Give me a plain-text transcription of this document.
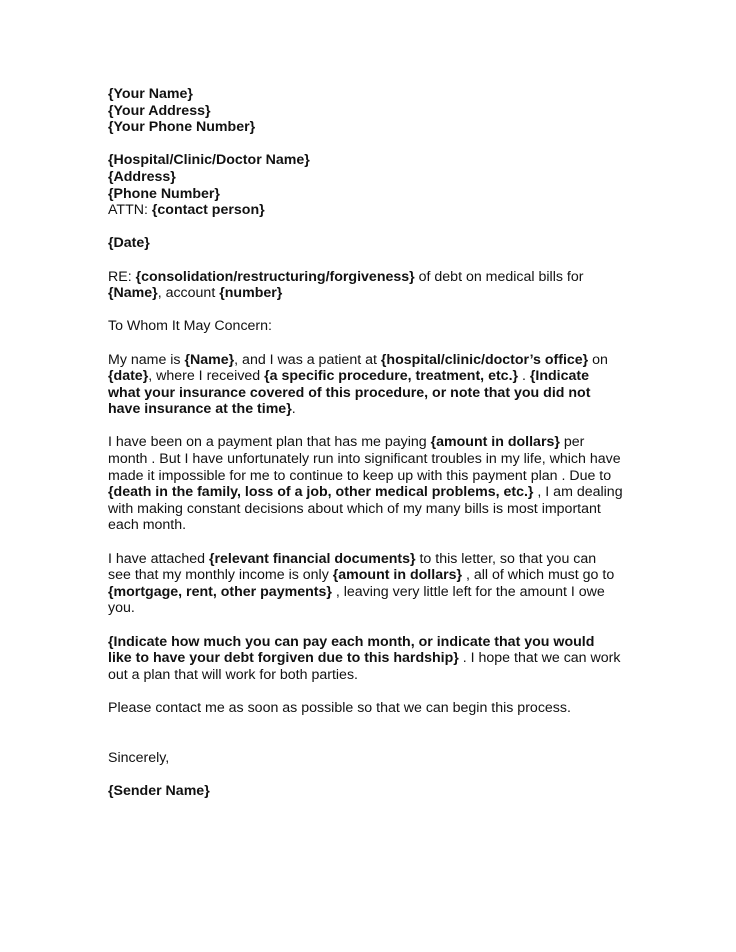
{Your Name}
{Your Address}
{Your Phone Number}
{Hospital/Clinic/Doctor Name}
{Address}
{Phone Number}
ATTN: {contact person}
{Date}
RE: {consolidation/restructuring/forgiveness} of debt on medical bills for
{Name}, account {number}
To Whom It May Concern:
My name is {Name}, and I was a patient at {hospital/clinic/doctor’s office} on
{date}, where I received {a specific procedure, treatment, etc.} . {Indicate
what your insurance covered of this procedure, or note that you did not
have insurance at the time}.
I have been on a payment plan that has me paying {amount in dollars} per
month . But I have unfortunately run into significant troubles in my life, which have
made it impossible for me to continue to keep up with this payment plan . Due to
{death in the family, loss of a job, other medical problems, etc.} , I am dealing
with making constant decisions about which of my many bills is most important
each month.
I have attached {relevant financial documents} to this letter, so that you can
see that my monthly income is only {amount in dollars} , all of which must go to
{mortgage, rent, other payments} , leaving very little left for the amount I owe
you.
{Indicate how much you can pay each month, or indicate that you would
like to have your debt forgiven due to this hardship} . I hope that we can work
out a plan that will work for both parties.
Please contact me as soon as possible so that we can begin this process.
Sincerely,
{Sender Name}
